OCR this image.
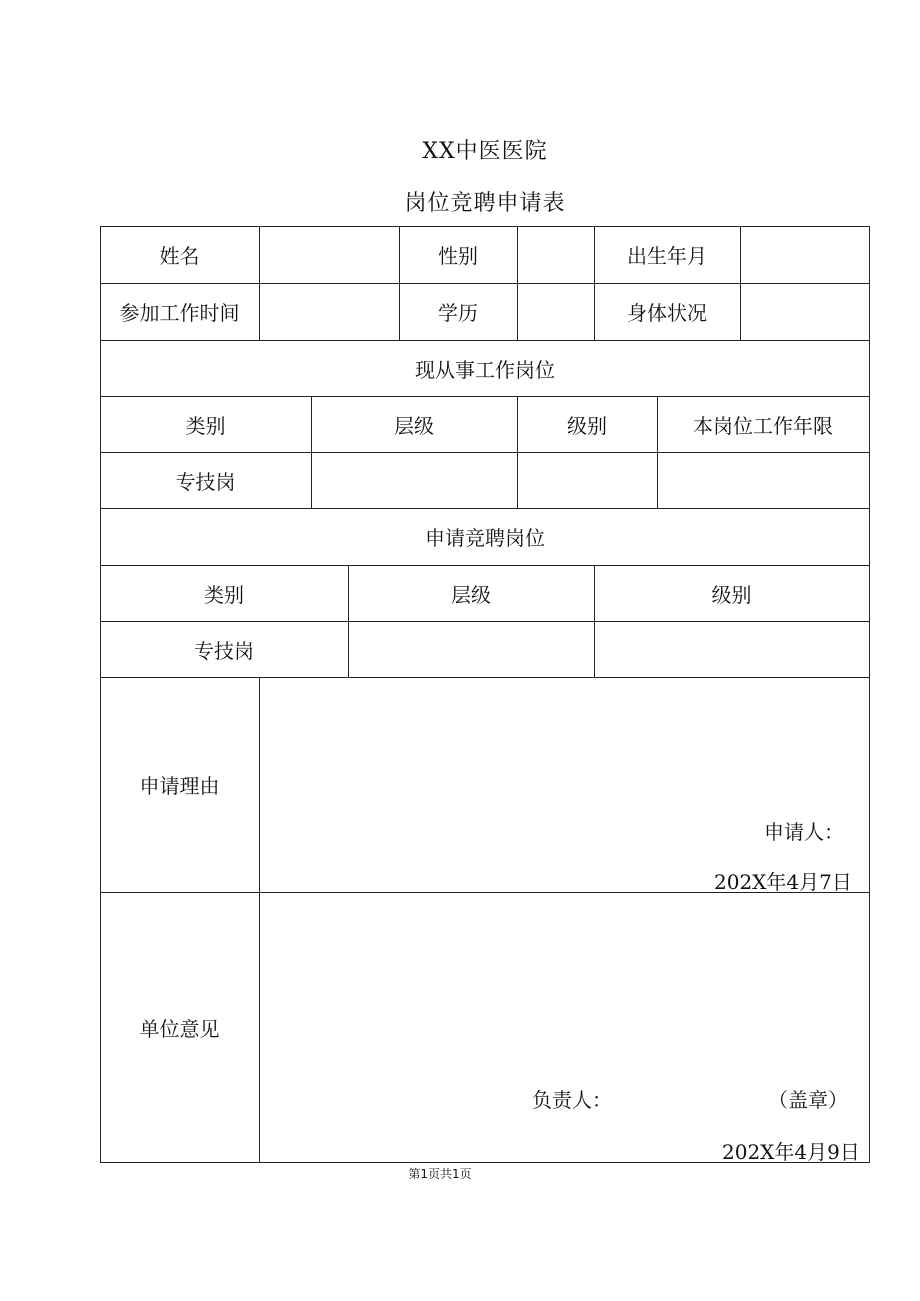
XX中医医院
岗位竞聘申请表
姓名	性别	出生年月
参加工作时间	学历	身体状况
现从事工作岗位
类别	层级	级别	本岗位工作年限
专技岗
申请竞聘岗位
类别	层级	级别
专技岗
申请理由
申请人：
202X年4月7日
单位意见
负责人：	（盖章）
202X年4月9日
第1页共1页
